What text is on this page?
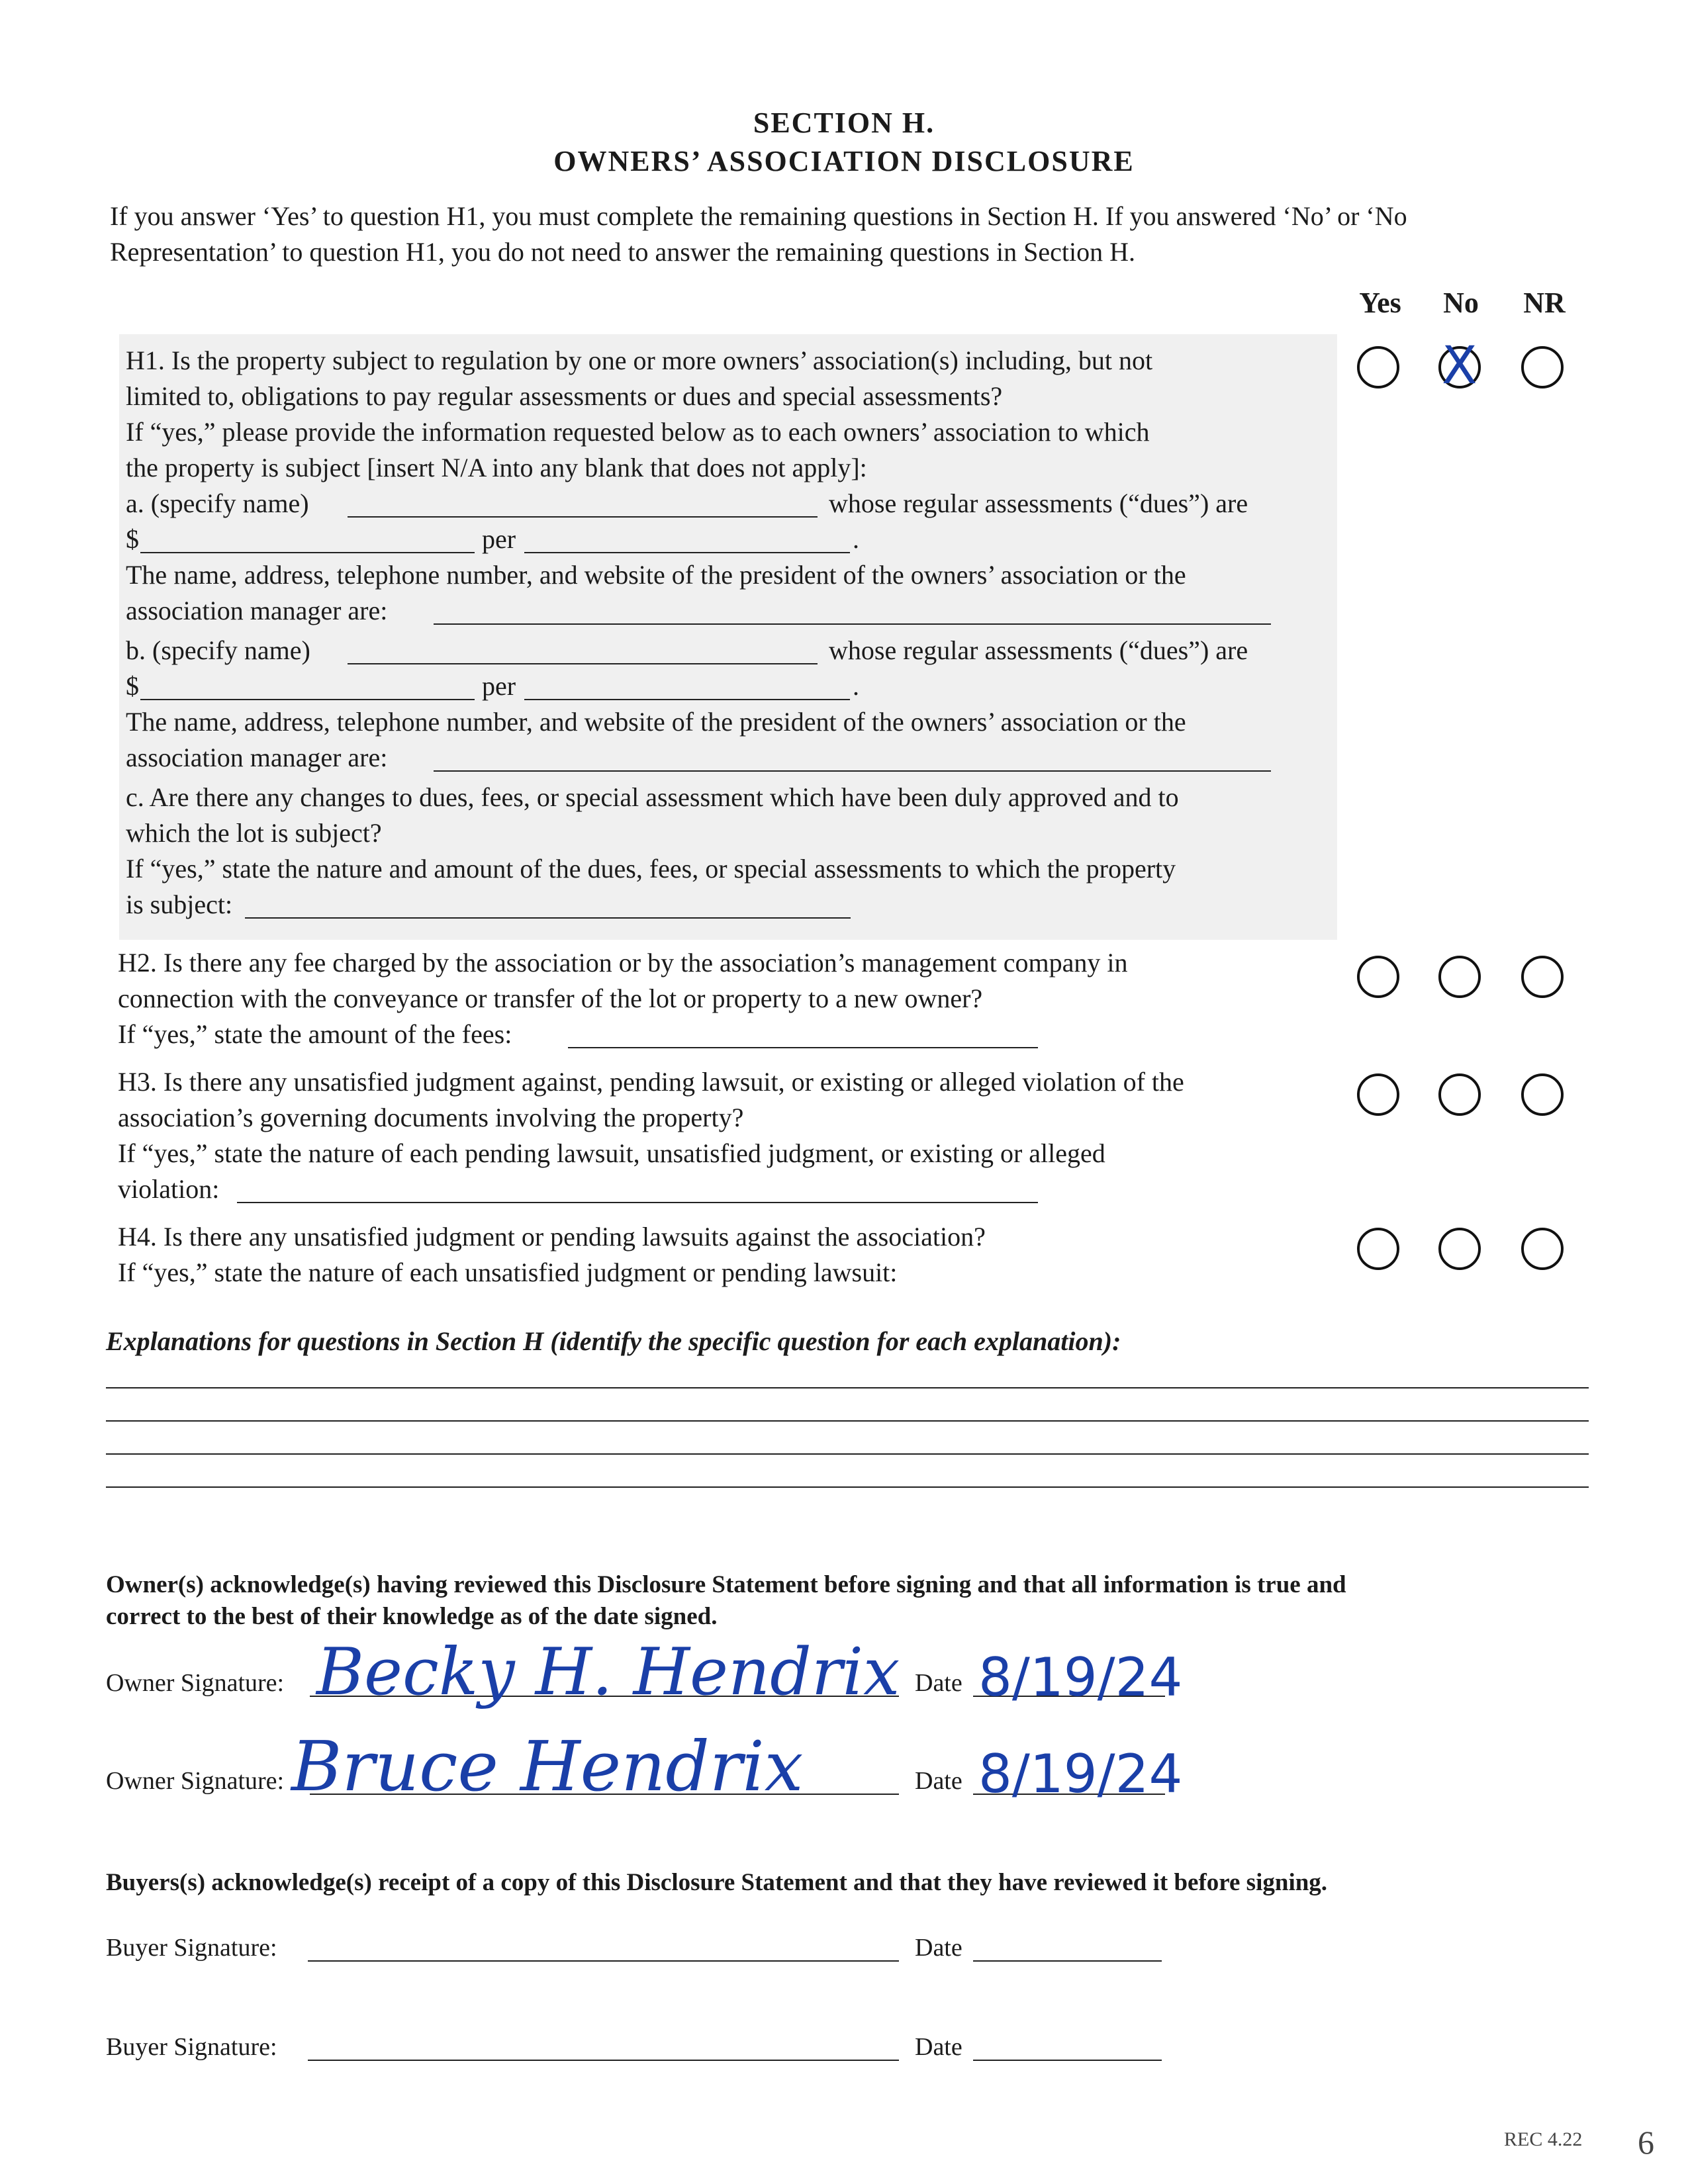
SECTION H.
OWNERS’ ASSOCIATION DISCLOSURE
If you answer ‘Yes’ to question H1, you must complete the remaining questions in Section H. If you answered ‘No’ or ‘No
Representation’ to question H1, you do not need to answer the remaining questions in Section H.
Yes	No	NR
H1. Is the property subject to regulation by one or more owners’ association(s) including, but not
limited to, obligations to pay regular assessments or dues and special assessments?
If “yes,” please provide the information requested below as to each owners’ association to which
the property is subject [insert N/A into any blank that does not apply]:
a. (specify name)	whose regular assessments (“dues”) are
$	per	.
The name, address, telephone number, and website of the president of the owners’ association or the
association manager are:
b. (specify name)	whose regular assessments (“dues”) are
$	per	.
The name, address, telephone number, and website of the president of the owners’ association or the
association manager are:
c. Are there any changes to dues, fees, or special assessment which have been duly approved and to
which the lot is subject?
If “yes,” state the nature and amount of the dues, fees, or special assessments to which the property
is subject:
X
H2. Is there any fee charged by the association or by the association’s management company in
connection with the conveyance or transfer of the lot or property to a new owner?
If “yes,” state the amount of the fees:
H3. Is there any unsatisfied judgment against, pending lawsuit, or existing or alleged violation of the
association’s governing documents involving the property?
If “yes,” state the nature of each pending lawsuit, unsatisfied judgment, or existing or alleged
violation:
H4. Is there any unsatisfied judgment or pending lawsuits against the association?
If “yes,” state the nature of each unsatisfied judgment or pending lawsuit:
Explanations for questions in Section H (identify the specific question for each explanation):
Owner(s) acknowledge(s) having reviewed this Disclosure Statement before signing and that all information is true and
correct to the best of their knowledge as of the date signed.
Owner Signature: Becky H. Hendrix Date 8/19/24
Owner Signature: Bruce Hendrix	Date 8/19/24
Buyers(s) acknowledge(s) receipt of a copy of this Disclosure Statement and that they have reviewed it before signing.
Buyer Signature:	Date
Buyer Signature:	Date
REC 4.22 6
